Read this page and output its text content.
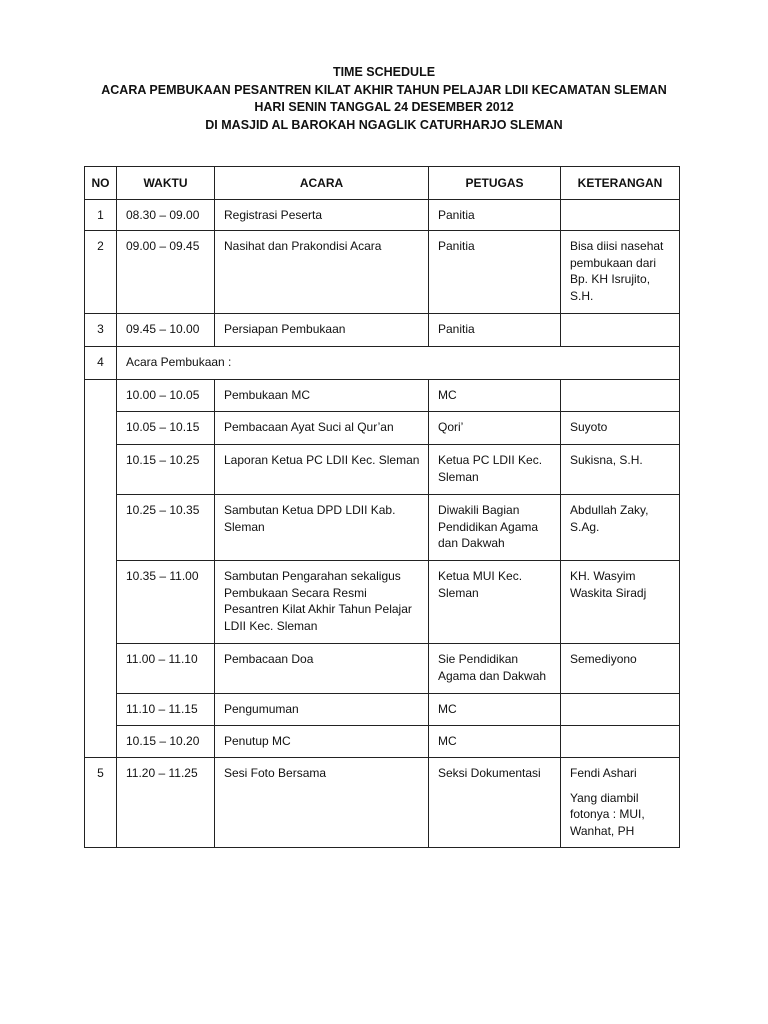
TIME SCHEDULE
ACARA PEMBUKAAN PESANTREN KILAT AKHIR TAHUN PELAJAR LDII KECAMATAN SLEMAN
HARI SENIN TANGGAL 24 DESEMBER 2012
DI MASJID AL BAROKAH NGAGLIK CATURHARJO SLEMAN
NO	WAKTU	ACARA	PETUGAS	KETERANGAN
1	08.30 – 09.00	Registrasi Peserta	Panitia	
2	09.00 – 09.45	Nasihat dan Prakondisi Acara	Panitia	Bisa diisi nasehat pembukaan dari Bp. KH Isrujito, S.H.
3	09.45 – 10.00	Persiapan Pembukaan	Panitia	
4	Acara Pembukaan :			
	10.00 – 10.05	Pembukaan MC	MC	
	10.05 – 10.15	Pembacaan Ayat Suci al Qur’an	Qori’	Suyoto
	10.15 – 10.25	Laporan Ketua PC LDII Kec. Sleman	Ketua PC LDII Kec. Sleman	Sukisna, S.H.
	10.25 – 10.35	Sambutan Ketua DPD LDII Kab. Sleman	Diwakili Bagian Pendidikan Agama dan Dakwah	Abdullah Zaky, S.Ag.
	10.35 – 11.00	Sambutan Pengarahan sekaligus Pembukaan Secara Resmi Pesantren Kilat Akhir Tahun Pelajar LDII Kec. Sleman	Ketua MUI Kec. Sleman	KH. Wasyim Waskita Siradj
	11.00 – 11.10	Pembacaan Doa	Sie Pendidikan Agama dan Dakwah	Semediyono
	11.10 – 11.15	Pengumuman	MC	
	10.15 – 10.20	Penutup MC	MC	
5	11.20 – 11.25	Sesi Foto Bersama	Seksi Dokumentasi	Fendi Ashari
Yang diambil fotonya : MUI, Wanhat, PH
